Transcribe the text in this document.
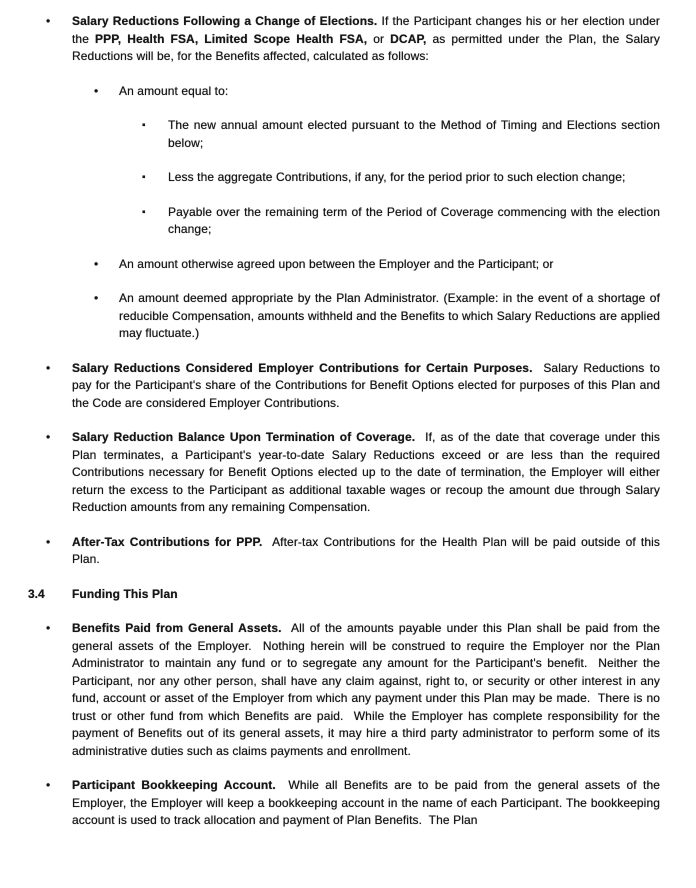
•	Salary Reductions Following a Change of Elections. If the Participant changes his or her election under the PPP, Health FSA, Limited Scope Health FSA, or DCAP, as permitted under the Plan, the Salary Reductions will be, for the Benefits affected, calculated as follows:
•	An amount equal to:
▪	The new annual amount elected pursuant to the Method of Timing and Elections section below;
▪	Less the aggregate Contributions, if any, for the period prior to such election change;
▪	Payable over the remaining term of the Period of Coverage commencing with the election change;
•	An amount otherwise agreed upon between the Employer and the Participant; or
•	An amount deemed appropriate by the Plan Administrator. (Example: in the event of a shortage of reducible Compensation, amounts withheld and the Benefits to which Salary Reductions are applied may fluctuate.)
•	Salary Reductions Considered Employer Contributions for Certain Purposes.  Salary Reductions to pay for the Participant's share of the Contributions for Benefit Options elected for purposes of this Plan and the Code are considered Employer Contributions.
•	Salary Reduction Balance Upon Termination of Coverage.  If, as of the date that coverage under this Plan terminates, a Participant's year-to-date Salary Reductions exceed or are less than the required Contributions necessary for Benefit Options elected up to the date of termination, the Employer will either return the excess to the Participant as additional taxable wages or recoup the amount due through Salary Reduction amounts from any remaining Compensation.
•	After-Tax Contributions for PPP.  After-tax Contributions for the Health Plan will be paid outside of this Plan.
3.4	Funding This Plan
•	Benefits Paid from General Assets.  All of the amounts payable under this Plan shall be paid from the general assets of the Employer.  Nothing herein will be construed to require the Employer nor the Plan Administrator to maintain any fund or to segregate any amount for the Participant's benefit.  Neither the Participant, nor any other person, shall have any claim against, right to, or security or other interest in any fund, account or asset of the Employer from which any payment under this Plan may be made.  There is no trust or other fund from which Benefits are paid.  While the Employer has complete responsibility for the payment of Benefits out of its general assets, it may hire a third party administrator to perform some of its administrative duties such as claims payments and enrollment.
•	Participant Bookkeeping Account.  While all Benefits are to be paid from the general assets of the Employer, the Employer will keep a bookkeeping account in the name of each Participant. The bookkeeping account is used to track allocation and payment of Plan Benefits.  The Plan
